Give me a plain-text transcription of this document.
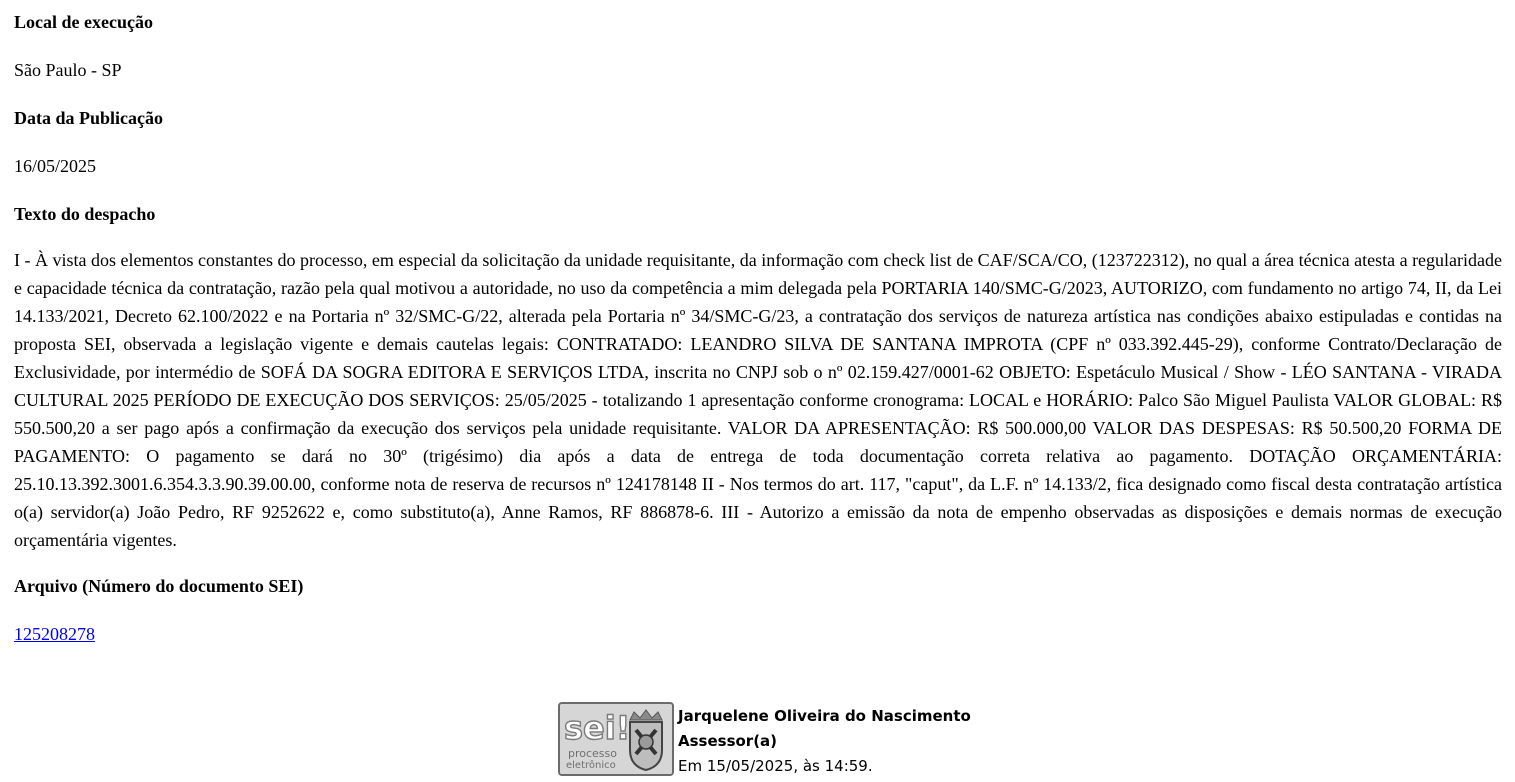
Local de execução
São Paulo - SP
Data da Publicação
16/05/2025
Texto do despacho
I - À vista dos elementos constantes do processo, em especial da solicitação da unidade requisitante, da informação com check list de CAF/SCA/CO, (123722312), no qual a área técnica atesta a regularidade e capacidade técnica da contratação, razão pela qual motivou a autoridade, no uso da competência a mim delegada pela PORTARIA 140/SMC-G/2023, AUTORIZO, com fundamento no artigo 74, II, da Lei 14.133/2021, Decreto 62.100/2022 e na Portaria nº 32/SMC-G/22, alterada pela Portaria nº 34/SMC-G/23, a contratação dos serviços de natureza artística nas condições abaixo estipuladas e contidas na proposta SEI, observada a legislação vigente e demais cautelas legais: CONTRATADO: LEANDRO SILVA DE SANTANA IMPROTA (CPF nº 033.392.445-29), conforme Contrato/Declaração de Exclusividade, por intermédio de SOFÁ DA SOGRA EDITORA E SERVIÇOS LTDA, inscrita no CNPJ sob o nº 02.159.427/0001-62 OBJETO: Espetáculo Musical / Show - LÉO SANTANA - VIRADA CULTURAL 2025 PERÍODO DE EXECUÇÃO DOS SERVIÇOS: 25/05/2025 - totalizando 1 apresentação conforme cronograma: LOCAL e HORÁRIO: Palco São Miguel Paulista VALOR GLOBAL: R$ 550.500,20 a ser pago após a confirmação da execução dos serviços pela unidade requisitante. VALOR DA APRESENTAÇÃO: R$ 500.000,00 VALOR DAS DESPESAS: R$ 50.500,20 FORMA DE PAGAMENTO: O pagamento se dará no 30º (trigésimo) dia após a data de entrega de toda documentação correta relativa ao pagamento. DOTAÇÃO ORÇAMENTÁRIA: 25.10.13.392.3001.6.354.3.3.90.39.00.00, conforme nota de reserva de recursos nº 124178148 II - Nos termos do art. 117, "caput", da L.F. nº 14.133/2, fica designado como fiscal desta contratação artística o(a) servidor(a) João Pedro, RF 9252622 e, como substituto(a), Anne Ramos, RF 886878-6. III - Autorizo a emissão da nota de empenho observadas as disposições e demais normas de execução orçamentária vigentes.
Arquivo (Número do documento SEI)
125208278
sei!
processo
eletrônico
Jarquelene Oliveira do Nascimento
Assessor(a)
Em 15/05/2025, às 14:59.
